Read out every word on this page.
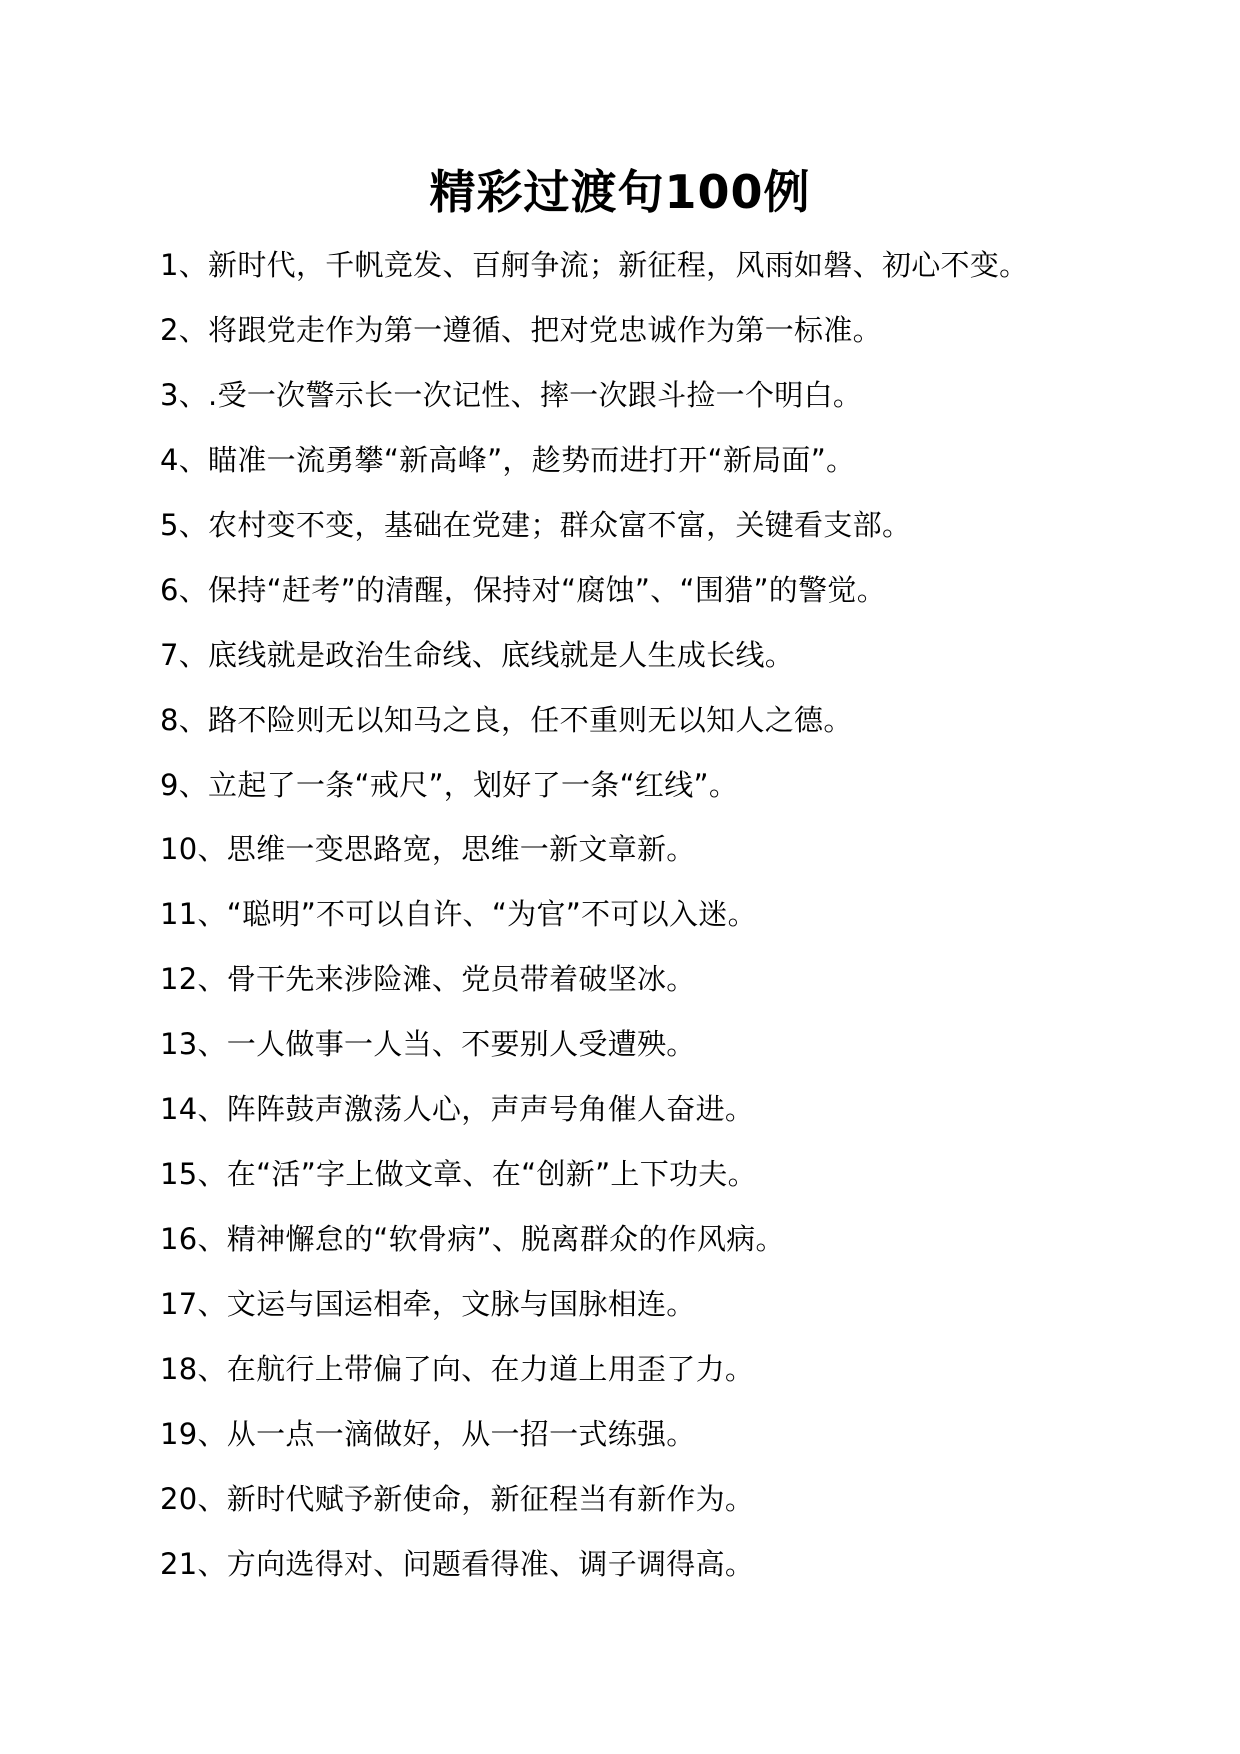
精彩过渡句100例
1、新时代，千帆竞发、百舸争流；新征程，风雨如磐、初心不变。
2、将跟党走作为第一遵循、把对党忠诚作为第一标准。
3、.受一次警示长一次记性、摔一次跟斗捡一个明白。
4、瞄准一流勇攀“新高峰”，趁势而进打开“新局面”。
5、农村变不变，基础在党建；群众富不富，关键看支部。
6、保持“赶考”的清醒，保持对“腐蚀”、“围猎”的警觉。
7、底线就是政治生命线、底线就是人生成长线。
8、路不险则无以知马之良，任不重则无以知人之德。
9、立起了一条“戒尺”，划好了一条“红线”。
10、思维一变思路宽，思维一新文章新。
11、“聪明”不可以自许、“为官”不可以入迷。
12、骨干先来涉险滩、党员带着破坚冰。
13、一人做事一人当、不要别人受遭殃。
14、阵阵鼓声激荡人心，声声号角催人奋进。
15、在“活”字上做文章、在“创新”上下功夫。
16、精神懈怠的“软骨病”、脱离群众的作风病。
17、文运与国运相牵，文脉与国脉相连。
18、在航行上带偏了向、在力道上用歪了力。
19、从一点一滴做好，从一招一式练强。
20、新时代赋予新使命，新征程当有新作为。
21、方向选得对、问题看得准、调子调得高。
